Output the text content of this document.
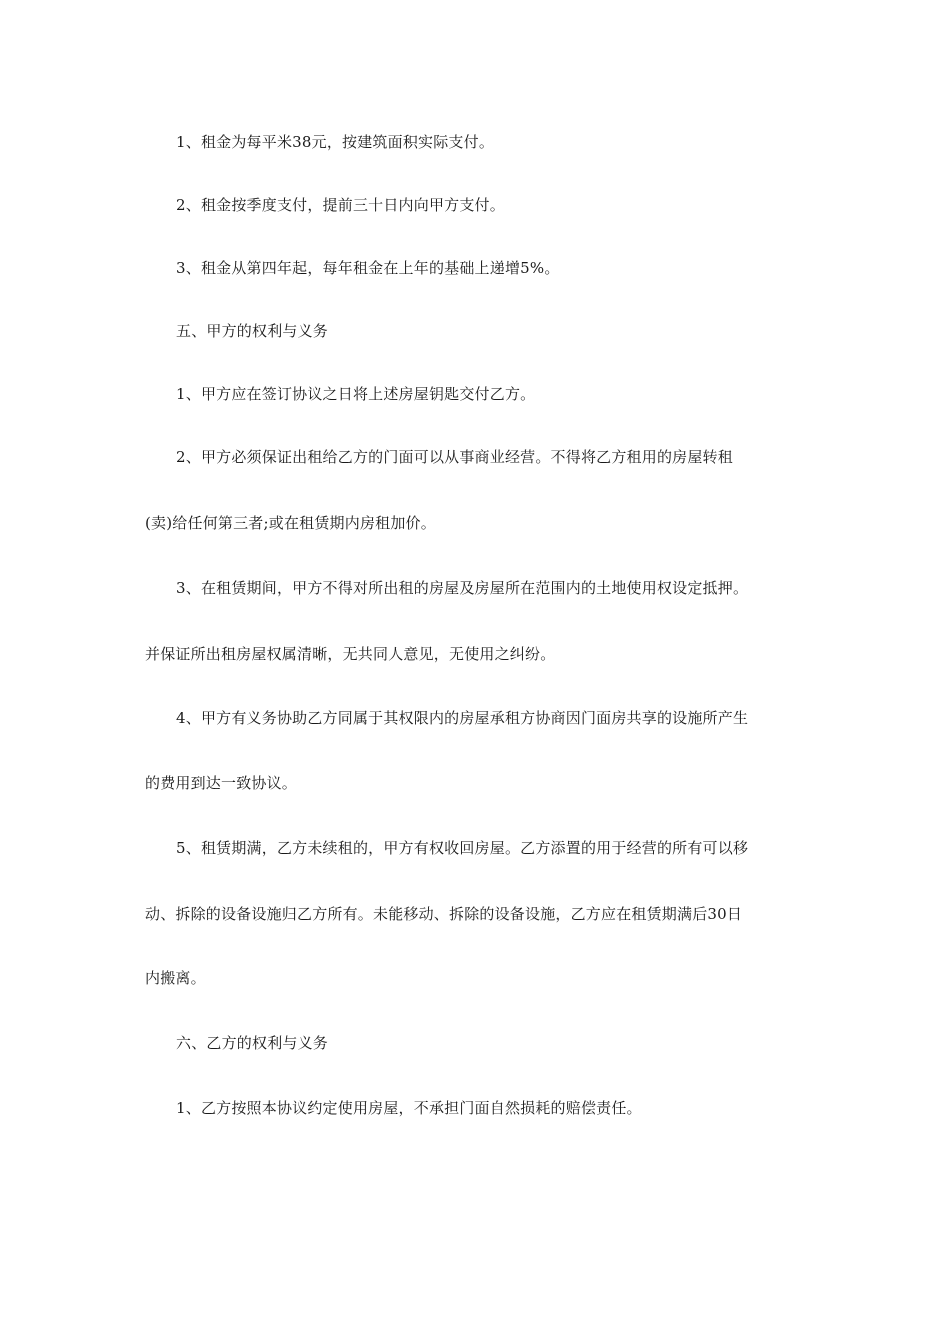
1、租金为每平米38元，按建筑面积实际支付。
2、租金按季度支付，提前三十日内向甲方支付。
3、租金从第四年起，每年租金在上年的基础上递增5%。
五、甲方的权利与义务
1、甲方应在签订协议之日将上述房屋钥匙交付乙方。
2、甲方必须保证出租给乙方的门面可以从事商业经营。不得将乙方租用的房屋转租
(卖)给任何第三者;或在租赁期内房租加价。
3、在租赁期间，甲方不得对所出租的房屋及房屋所在范围内的土地使用权设定抵押。
并保证所出租房屋权属清晰，无共同人意见，无使用之纠纷。
4、甲方有义务协助乙方同属于其权限内的房屋承租方协商因门面房共享的设施所产生
的费用到达一致协议。
5、租赁期满，乙方未续租的，甲方有权收回房屋。乙方添置的用于经营的所有可以移
动、拆除的设备设施归乙方所有。未能移动、拆除的设备设施，乙方应在租赁期满后30日
内搬离。
六、乙方的权利与义务
1、乙方按照本协议约定使用房屋，不承担门面自然损耗的赔偿责任。
